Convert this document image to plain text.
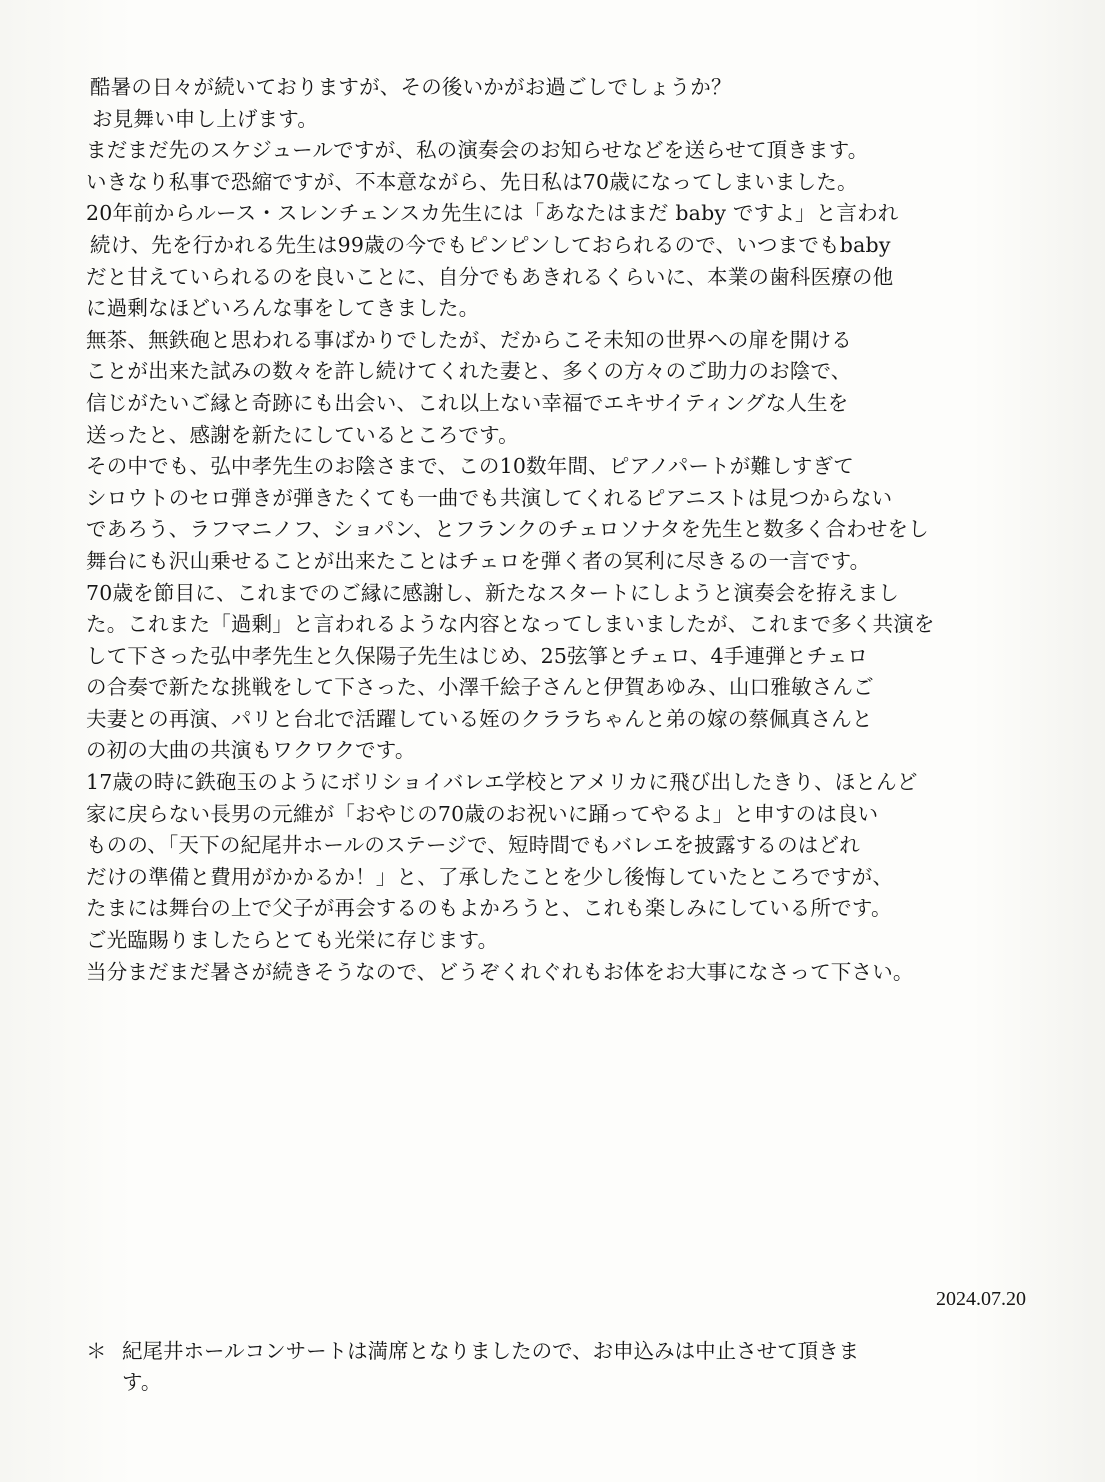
酷暑の日々が続いておりますが、その後いかがお過ごしでしょうか？
お見舞い申し上げます。
まだまだ先のスケジュールですが、私の演奏会のお知らせなどを送らせて頂きます。
いきなり私事で恐縮ですが、不本意ながら、先日私は70歳になってしまいました。
20年前からルース・スレンチェンスカ先生には「あなたはまだ baby ですよ」と言われ
続け、先を行かれる先生は99歳の今でもピンピンしておられるので、いつまでもbaby
だと甘えていられるのを良いことに、自分でもあきれるくらいに、本業の歯科医療の他
に過剰なほどいろんな事をしてきました。
無茶、無鉄砲と思われる事ばかりでしたが、だからこそ未知の世界への扉を開ける
ことが出来た試みの数々を許し続けてくれた妻と、多くの方々のご助力のお陰で、
信じがたいご縁と奇跡にも出会い、これ以上ない幸福でエキサイティングな人生を
送ったと、感謝を新たにしているところです。
その中でも、弘中孝先生のお陰さまで、この10数年間、ピアノパートが難しすぎて
シロウトのセロ弾きが弾きたくても一曲でも共演してくれるピアニストは見つからない
であろう、ラフマニノフ、ショパン、とフランクのチェロソナタを先生と数多く合わせをし
舞台にも沢山乗せることが出来たことはチェロを弾く者の冥利に尽きるの一言です。
70歳を節目に、これまでのご縁に感謝し、新たなスタートにしようと演奏会を拵えまし
た。これまた「過剰」と言われるような内容となってしまいましたが、これまで多く共演を
して下さった弘中孝先生と久保陽子先生はじめ、25弦箏とチェロ、4手連弾とチェロ
の合奏で新たな挑戦をして下さった、小澤千絵子さんと伊賀あゆみ、山口雅敏さんご
夫妻との再演、パリと台北で活躍している姪のクララちゃんと弟の嫁の蔡佩真さんと
の初の大曲の共演もワクワクです。
17歳の時に鉄砲玉のようにボリショイバレエ学校とアメリカに飛び出したきり、ほとんど
家に戻らない長男の元維が「おやじの70歳のお祝いに踊ってやるよ」と申すのは良い
ものの、「天下の紀尾井ホールのステージで、短時間でもバレエを披露するのはどれ
だけの準備と費用がかかるか！」と、了承したことを少し後悔していたところですが、
たまには舞台の上で父子が再会するのもよかろうと、これも楽しみにしている所です。
ご光臨賜りましたらとても光栄に存じます。
当分まだまだ暑さが続きそうなので、どうぞくれぐれもお体をお大事になさって下さい。
2024.07.20
＊ 紀尾井ホールコンサートは満席となりましたので、お申込みは中止させて頂きま
す。
